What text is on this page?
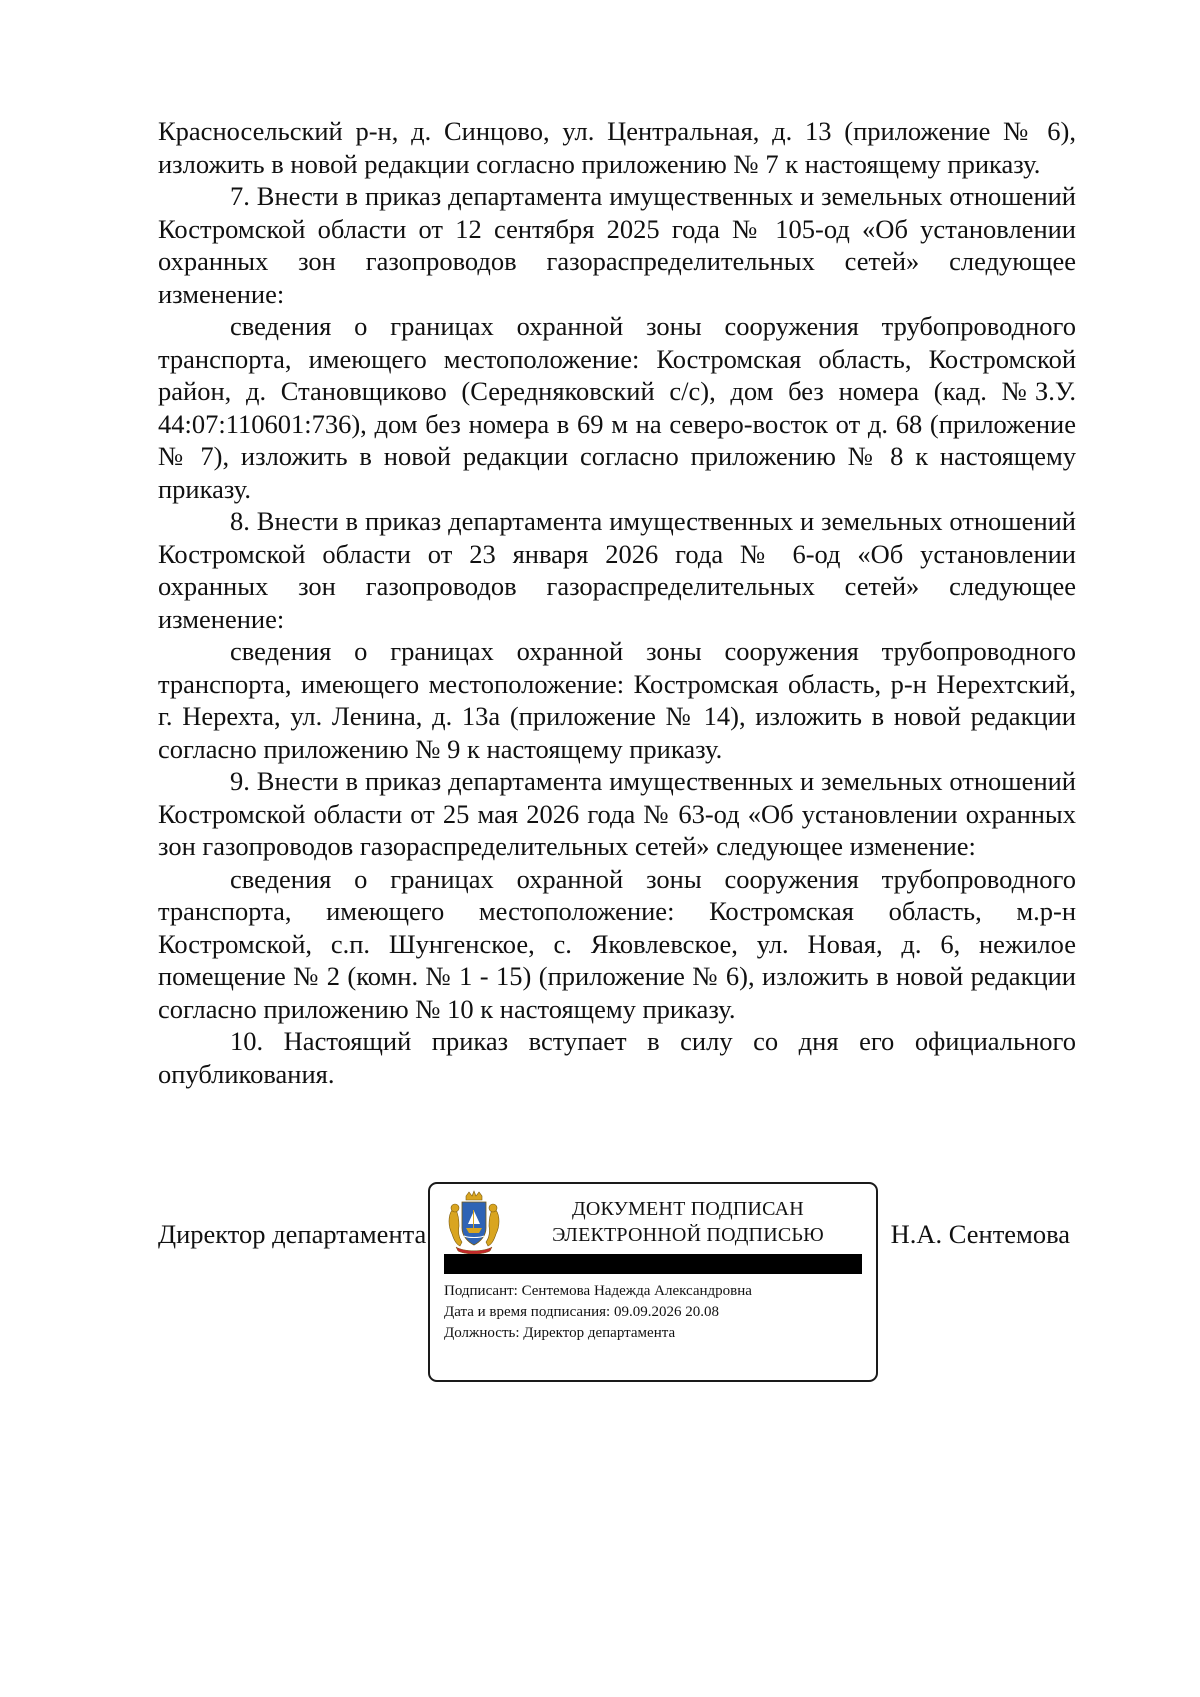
Красносельский р-н, д. Синцово, ул. Центральная, д. 13 (приложение № 6), изложить в новой редакции согласно приложению № 7 к настоящему приказу.

7. Внести в приказ департамента имущественных и земельных отношений Костромской области от 12 сентября 2025 года № 105-од «Об установлении охранных зон газопроводов газораспределительных сетей» следующее изменение:

сведения о границах охранной зоны сооружения трубопроводного транспорта, имеющего местоположение: Костромская область, Костромской район, д. Становщиково (Середняковский с/с), дом без номера (кад. №З.У. 44:07:110601:736), дом без номера в 69 м на северо-восток от д. 68 (приложение № 7), изложить в новой редакции согласно приложению № 8 к настоящему приказу.

8. Внести в приказ департамента имущественных и земельных отношений Костромской области от 23 января 2026 года № 6-од «Об установлении охранных зон газопроводов газораспределительных сетей» следующее изменение:

сведения о границах охранной зоны сооружения трубопроводного транспорта, имеющего местоположение: Костромская область, р-н Нерехтский, г. Нерехта, ул. Ленина, д. 13а (приложение № 14), изложить в новой редакции согласно приложению № 9 к настоящему приказу.

9. Внести в приказ департамента имущественных и земельных отношений Костромской области от 25 мая 2026 года № 63-од «Об установлении охранных зон газопроводов газораспределительных сетей» следующее изменение:

сведения о границах охранной зоны сооружения трубопроводного транспорта, имеющего местоположение: Костромская область, м.р-н Костромской, с.п. Шунгенское, с. Яковлевское, ул. Новая, д. 6, нежилое помещение № 2 (комн. № 1 - 15) (приложение № 6), изложить в новой редакции согласно приложению № 10 к настоящему приказу.

10. Настоящий приказ вступает в силу со дня его официального опубликования.

Директор департамента	Н.А. Сентемова
ДОКУМЕНТ ПОДПИСАН
ЭЛЕКТРОННОЙ ПОДПИСЬЮ
Подписант: Сентемова Надежда Александровна
Дата и время подписания: 09.09.2026 20.08
Должность: Директор департамента
